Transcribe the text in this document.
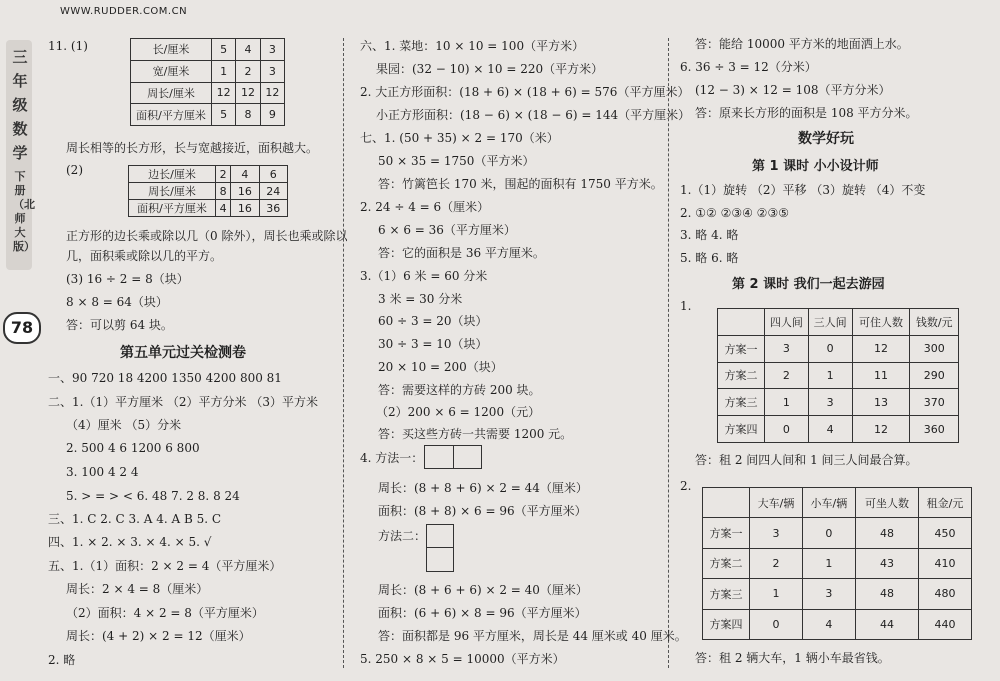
WWW.RUDDER.COM.CN
三
年
级
数
学
下册（北师大版）
78
11. (1)	长/厘米	5	4	3
宽/厘米	1	2	3
周长/厘米	12	12	12
面积/平方厘米	5	8	9
周长相等的长方形，长与宽越接近，面积越大。
(2)	边长/厘米	2	4	6
周长/厘米	8	16	24
面积/平方厘米	4	16	36
正方形的边长乘或除以几（0 除外），周长也乘或除以
几，面积乘或除以几的平方。
(3) 16 ÷ 2 = 8（块）
8 × 8 = 64（块）
答：可以剪 64 块。
第五单元过关检测卷
一、90 720 18 4200 1350 4200 800 81
二、1.（1）平方厘米 （2）平方分米 （3）平方米
（4）厘米 （5）分米
2. 500 4 6 1200 6 800
3. 100 4 2 4
5. > = > < 6. 48 7. 2 8. 8 24
三、1. C 2. C 3. A 4. A B 5. C
四、1. × 2. × 3. × 4. × 5. √
五、1.（1）面积：2 × 2 = 4（平方厘米）
周长：2 × 4 = 8（厘米）
（2）面积：4 × 2 = 8（平方厘米）
周长：(4 + 2) × 2 = 12（厘米）
2. 略
六、1. 菜地：10 × 10 = 100（平方米）
果园：(32 − 10) × 10 = 220（平方米）
2. 大正方形面积：(18 + 6) × (18 + 6) = 576（平方厘米）
小正方形面积：(18 − 6) × (18 − 6) = 144（平方厘米）
七、1. (50 + 35) × 2 = 170（米）
50 × 35 = 1750（平方米）
答：竹篱笆长 170 米，围起的面积有 1750 平方米。
2. 24 ÷ 4 = 6（厘米）
6 × 6 = 36（平方厘米）
答：它的面积是 36 平方厘米。
3.（1）6 米 = 60 分米
3 米 = 30 分米
60 ÷ 3 = 20（块）
30 ÷ 3 = 10（块）
20 × 10 = 200（块）
答：需要这样的方砖 200 块。
（2）200 × 6 = 1200（元）
答：买这些方砖一共需要 1200 元。
4. 方法一：
周长：(8 + 8 + 6) × 2 = 44（厘米）
面积：(8 + 8) × 6 = 96（平方厘米）
方法二：
周长：(8 + 6 + 6) × 2 = 40（厘米）
面积：(6 + 6) × 8 = 96（平方厘米）
答：面积都是 96 平方厘米，周长是 44 厘米或 40 厘米。
5. 250 × 8 × 5 = 10000（平方米）
答：能给 10000 平方米的地面洒上水。
6. 36 ÷ 3 = 12（分米）
(12 − 3) × 12 = 108（平方分米）
答：原来长方形的面积是 108 平方分米。
数学好玩
第 1 课时 小小设计师
1.（1）旋转 （2）平移 （3）旋转 （4）不变
2. ①② ②③④ ②③⑤
3. 略 4. 略
5. 略 6. 略
第 2 课时 我们一起去游园
1.
	四人间	三人间	可住人数	钱数/元
方案一	3	0	12	300
方案二	2	1	11	290
方案三	1	3	13	370
方案四	0	4	12	360
答：租 2 间四人间和 1 间三人间最合算。
2.
	大车/辆	小车/辆	可坐人数	租金/元
方案一	3	0	48	450
方案二	2	1	43	410
方案三	1	3	48	480
方案四	0	4	44	440
答：租 2 辆大车，1 辆小车最省钱。
